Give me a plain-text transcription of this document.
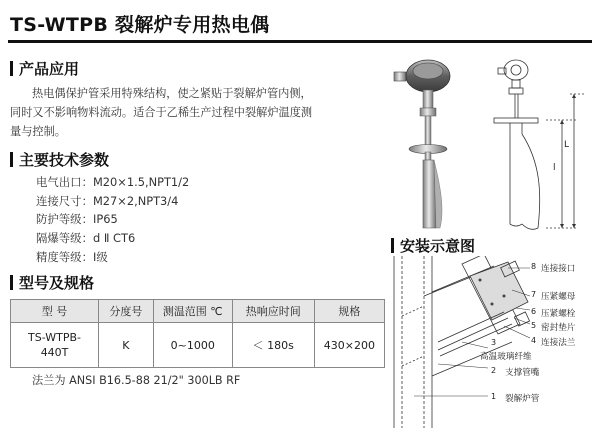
TS-WTPB 裂解炉专用热电偶
产品应用
热电偶保护管采用特殊结构，使之紧贴于裂解炉管内侧，
同时又不影响物料流动。适合于乙稀生产过程中裂解炉温度测
量与控制。
主要技术参数
电气出口：M20×1.5,NPT1/2
连接尺寸：M27×2,NPT3/4
防护等级：IP65
隔爆等级：d Ⅱ CT6
精度等级：Ⅰ级
型号及规格
型 号	分度号	测温范围 ℃	热响应时间	规格

TS-WTPB-
440T	K	0~1000	＜ 180s	430×200
法兰为 ANSI B16.5-88 21/2" 300LB RF
L
l
安装示意图
8 连接接口
7 压紧螺母
6 压紧螺栓
5 密封垫片
4 连接法兰
3
高温玻璃纤维
2 支撑管嘴
1 裂解炉管
